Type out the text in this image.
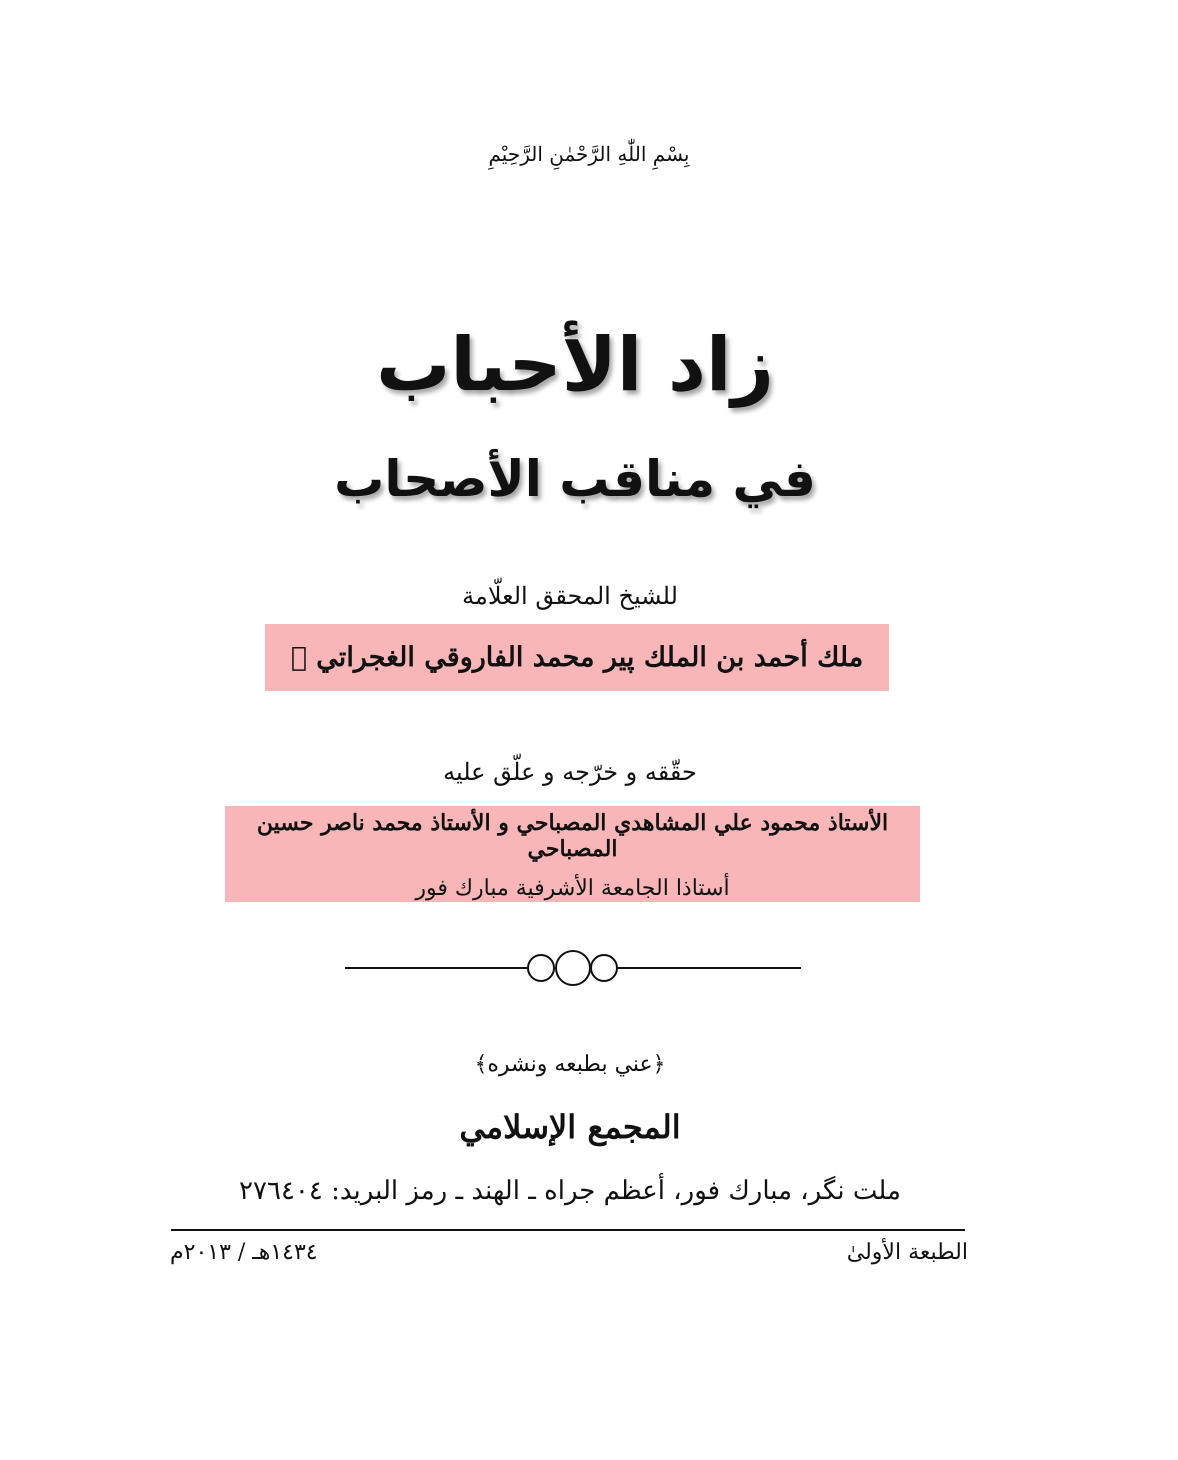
بِسْمِ اللّٰهِ الرَّحْمٰنِ الرَّحِيْمِ
زاد الأحباب
في مناقب الأصحاب
للشيخ المحقق العلّامة
ملك أحمد بن الملك پير محمد الفاروقي الغجراتي ﷫
حقّقه و خرّجه و علّق عليه
الأستاذ محمود علي المشاهدي المصباحي و الأستاذ محمد ناصر حسين المصباحي
أستاذا الجامعة الأشرفية مبارك فور
﴿عني بطبعه ونشره﴾
المجمع الإسلامي
ملت نگر، مبارك فور، أعظم جراه ـ الهند ـ رمز البريد: ٢٧٦٤٠٤
الطبعة الأولیٰ
١٤٣٤هـ / ٢٠١٣م
